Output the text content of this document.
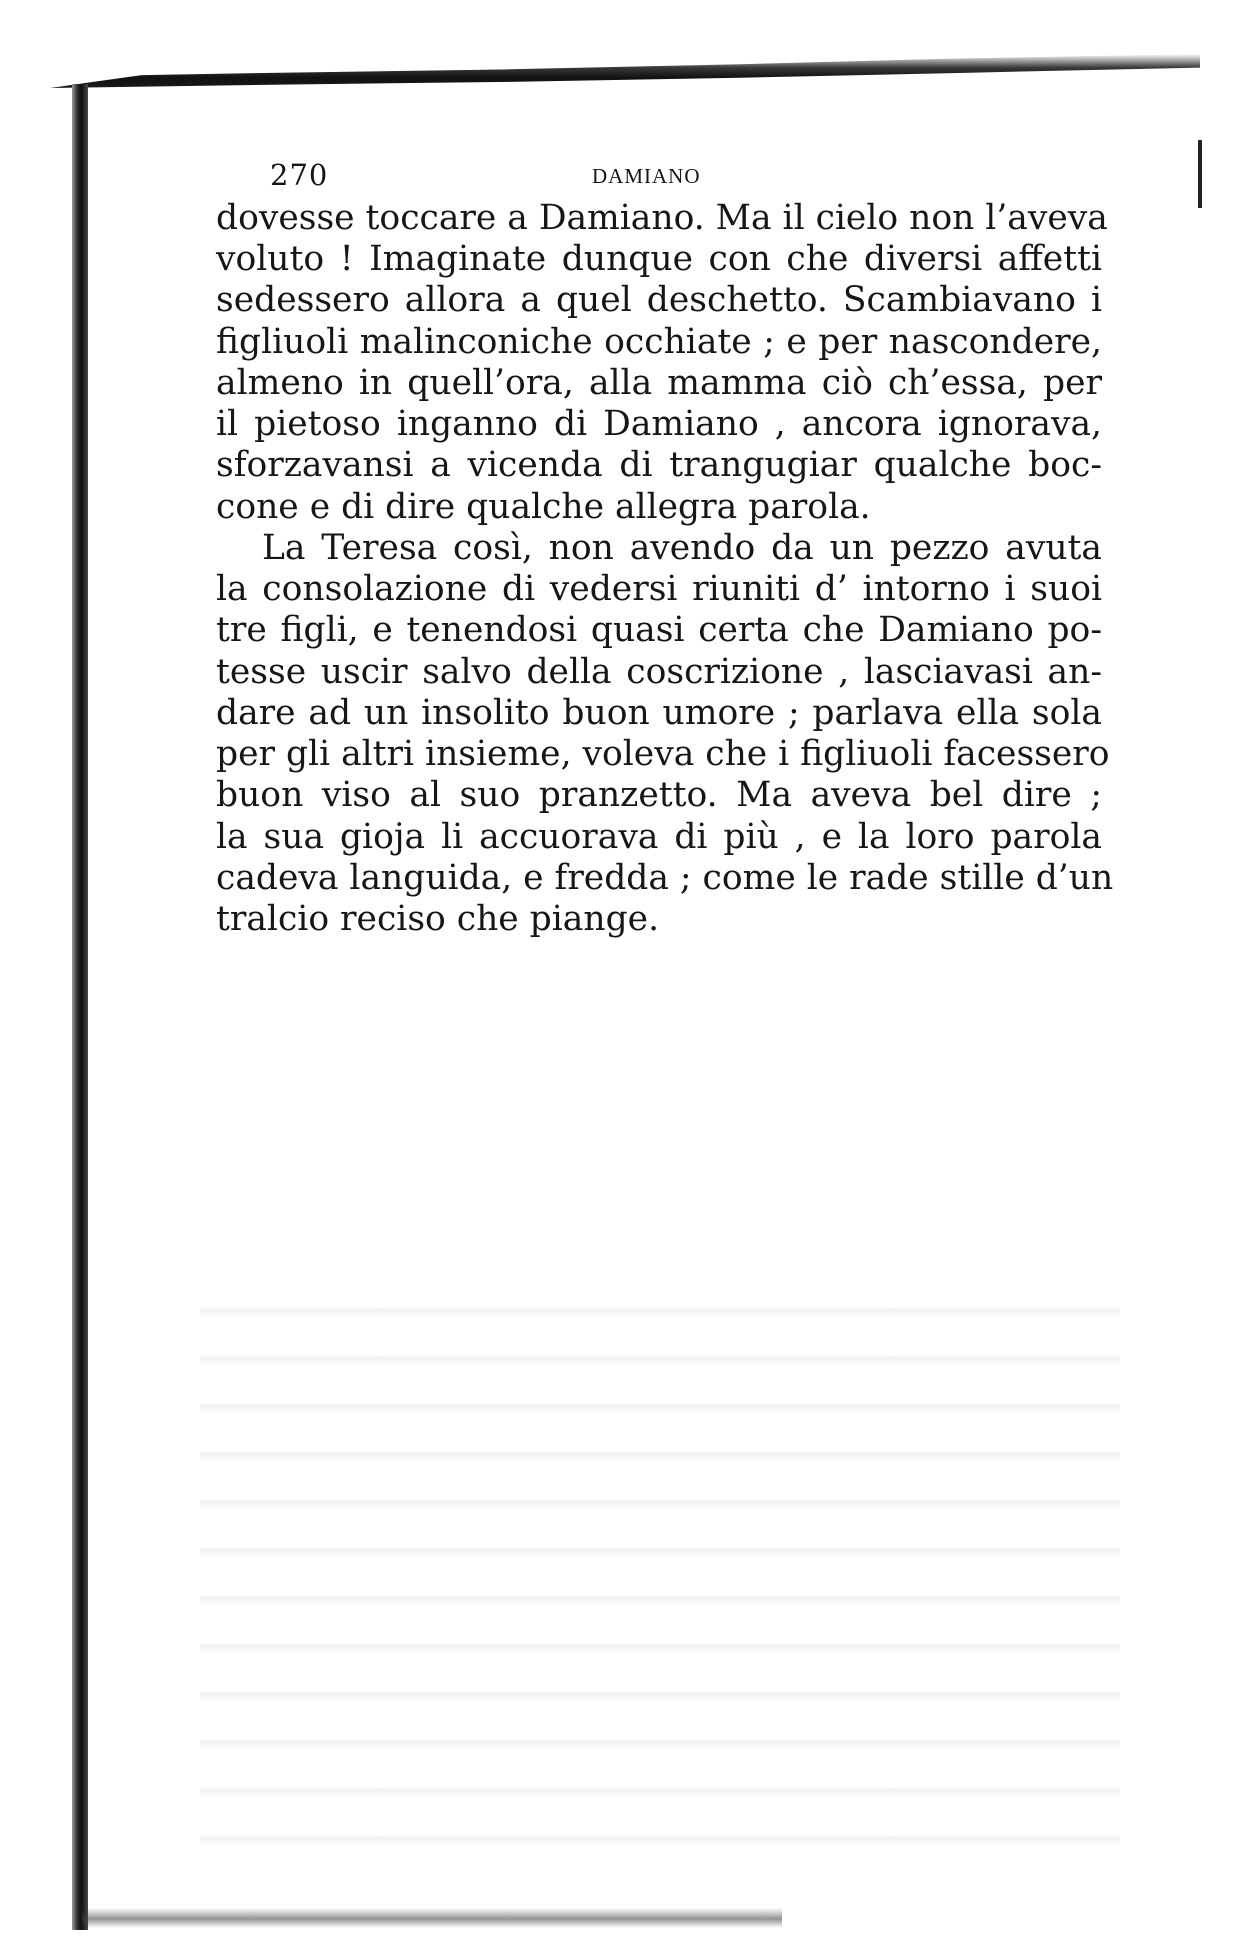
270	DAMIANO
dovesse toccare a Damiano. Ma il cielo non l’aveva
voluto ! Imaginate dunque con che diversi affetti
sedessero allora a quel deschetto. Scambiavano i
figliuoli malinconiche occhiate ; e per nascondere,
almeno in quell’ora, alla mamma ciò ch’essa, per
il pietoso inganno di Damiano , ancora ignorava,
sforzavansi a vicenda di trangugiar qualche boc-
cone e di dire qualche allegra parola.
La Teresa così, non avendo da un pezzo avuta
la consolazione di vedersi riuniti d’ intorno i suoi
tre figli, e tenendosi quasi certa che Damiano po-
tesse uscir salvo della coscrizione , lasciavasi an-
dare ad un insolito buon umore ; parlava ella sola
per gli altri insieme, voleva che i figliuoli facessero
buon viso al suo pranzetto. Ma aveva bel dire ;
la sua gioja li accuorava di più , e la loro parola
cadeva languida, e fredda ; come le rade stille d’un
tralcio reciso che piange.
